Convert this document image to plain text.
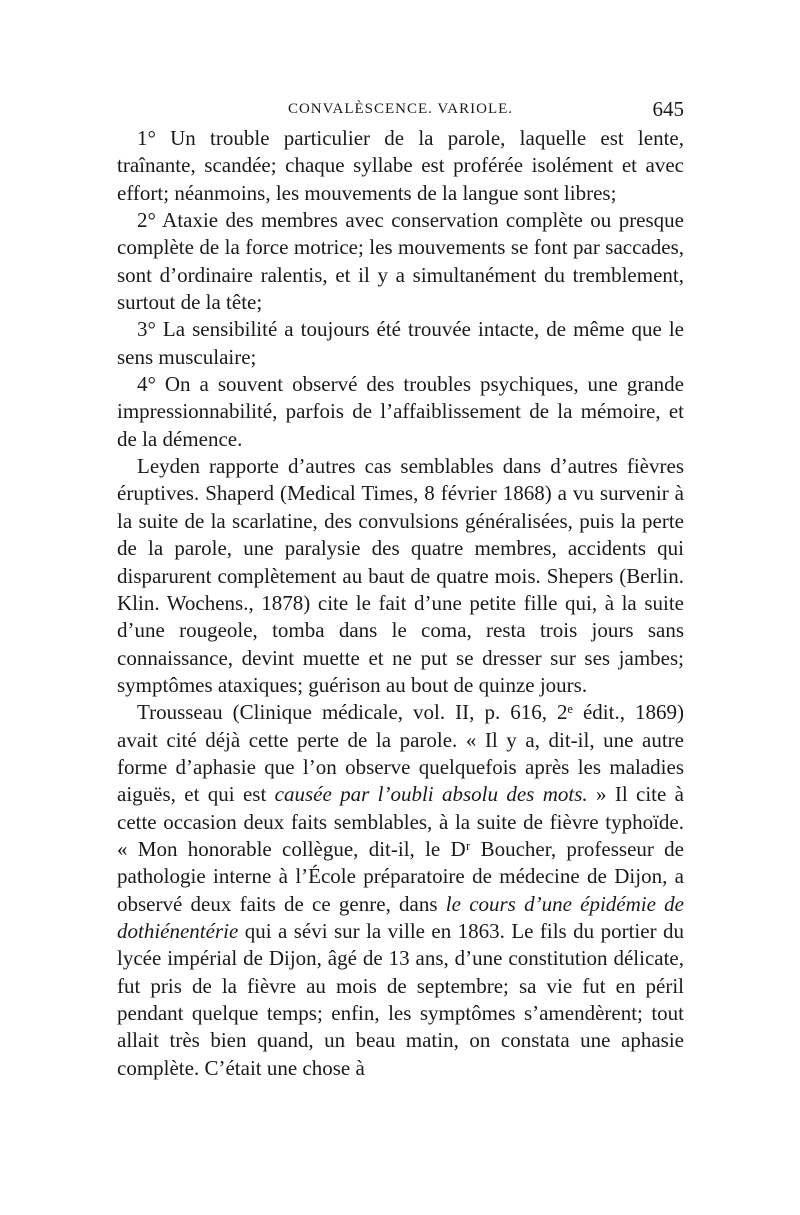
CONVALÈSCENCE. VARIOLE.	645

1° Un trouble particulier de la parole, laquelle est lente, traînante, scandée; chaque syllabe est proférée isolément et avec effort; néanmoins, les mouvements de la langue sont libres;

2° Ataxie des membres avec conservation complète ou presque complète de la force motrice; les mouvements se font par saccades, sont d’ordinaire ralentis, et il y a simultanément du tremblement, surtout de la tête;

3° La sensibilité a toujours été trouvée intacte, de même que le sens musculaire;

4° On a souvent observé des troubles psychiques, une grande impressionnabilité, parfois de l’affaiblissement de la mémoire, et de la démence.

Leyden rapporte d’autres cas semblables dans d’autres fièvres éruptives. Shaperd (Medical Times, 8 février 1868) a vu survenir à la suite de la scarlatine, des convulsions généralisées, puis la perte de la parole, une paralysie des quatre membres, accidents qui disparurent complètement au baut de quatre mois. Shepers (Berlin. Klin. Wochens., 1878) cite le fait d’une petite fille qui, à la suite d’une rougeole, tomba dans le coma, resta trois jours sans connaissance, devint muette et ne put se dresser sur ses jambes; symptômes ataxiques; guérison au bout de quinze jours.

Trousseau (Clinique médicale, vol. II, p. 616, 2ᵉ édit., 1869) avait cité déjà cette perte de la parole. « Il y a, dit-il, une autre forme d’aphasie que l’on observe quelquefois après les maladies aiguës, et qui est causée par l’oubli absolu des mots. » Il cite à cette occasion deux faits semblables, à la suite de fièvre typhoïde. « Mon honorable collègue, dit-il, le Dʳ Boucher, professeur de pathologie interne à l’École préparatoire de médecine de Dijon, a observé deux faits de ce genre, dans le cours d’une épidémie de dothiénentérie qui a sévi sur la ville en 1863. Le fils du portier du lycée impérial de Dijon, âgé de 13 ans, d’une constitution délicate, fut pris de la fièvre au mois de septembre; sa vie fut en péril pendant quelque temps; enfin, les symptômes s’amendèrent; tout allait très bien quand, un beau matin, on constata une aphasie complète. C’était une chose à
